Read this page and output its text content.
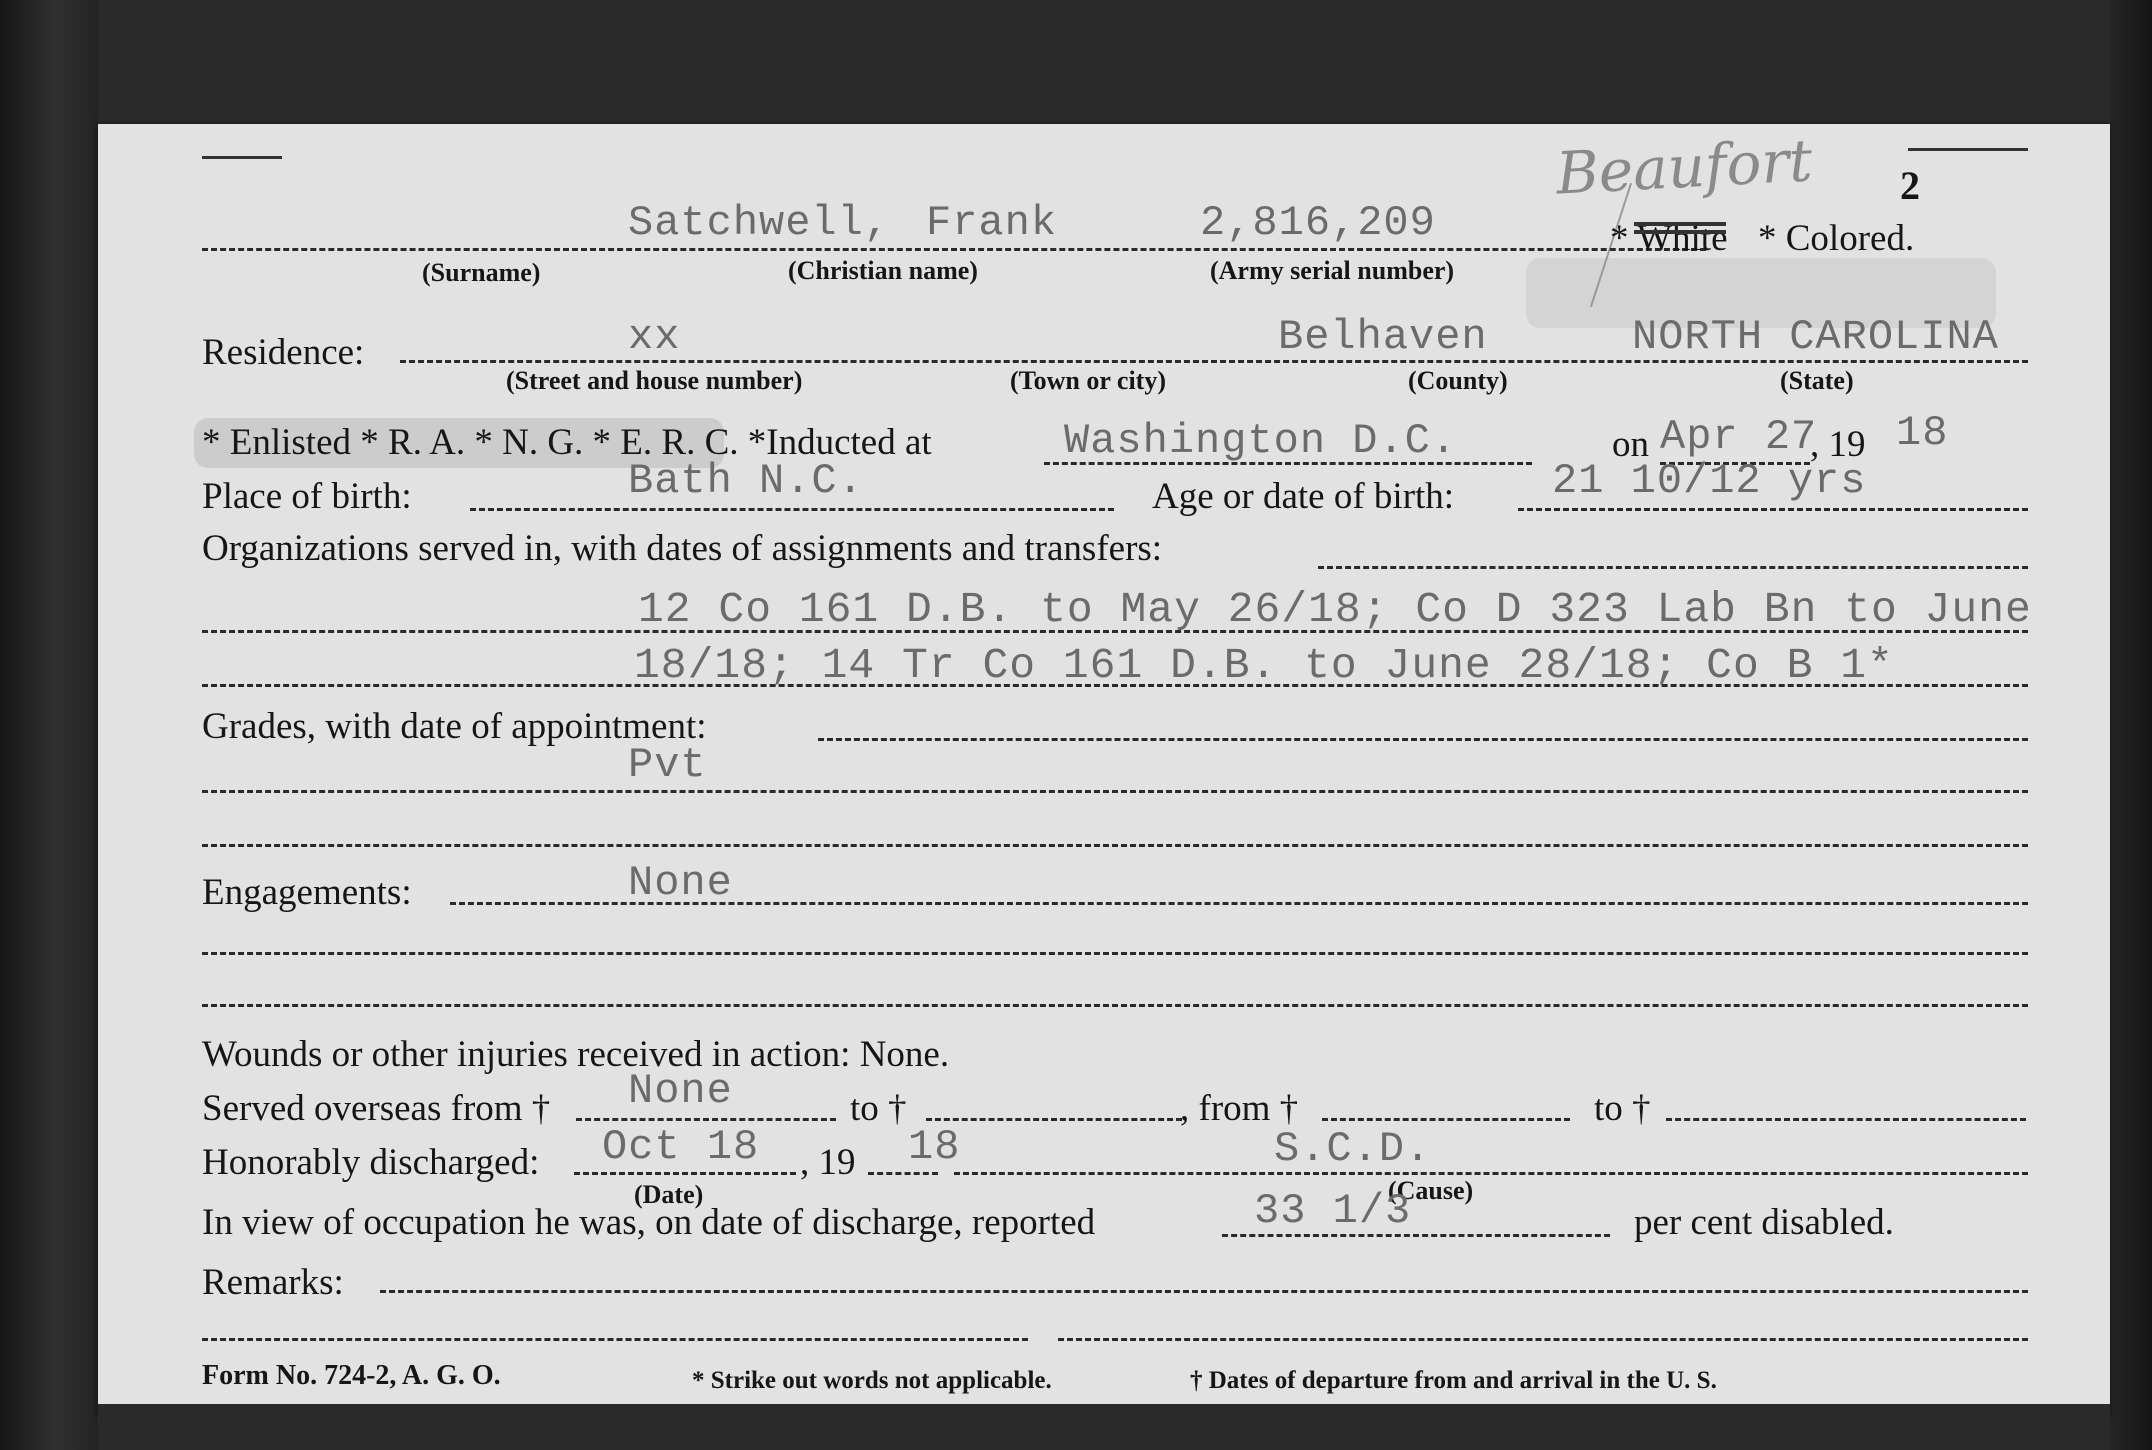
2
Beaufort
Satchwell, Frank	2,816,209	* White * Colored.
(Surname)	(Christian name)	(Army serial number)
Residence:	xx	Belhaven	NORTH CAROLINA
(Street and house number)	(Town or city)	(County)	(State)
* Enlisted * R. A. * N. G. * E. R. C. *Inducted at	Washington D.C.	on Apr 27
, 19 18
Place of birth:	Bath N.C.	Age or date of birth: 21 10/12 yrs
Organizations served in, with dates of assignments and transfers:
12 Co 161 D.B. to May 26/18; Co D 323 Lab Bn to June
18/18; 14 Tr Co 161 D.B. to June 28/18; Co B 1*
Grades, with date of appointment:
Pvt
Engagements:	None
Wounds or other injuries received in action: None.
Served overseas from † None	to †	, from †	to †
Honorably discharged: Oct 18 , 19 18	S.C.D.
(Date)	(Cause)
In view of occupation he was, on date of discharge, reported	33 1/3	per cent disabled.
Remarks:
Form No. 724-2, A. G. O.	* Strike out words not applicable.	† Dates of departure from and arrival in the U. S.
